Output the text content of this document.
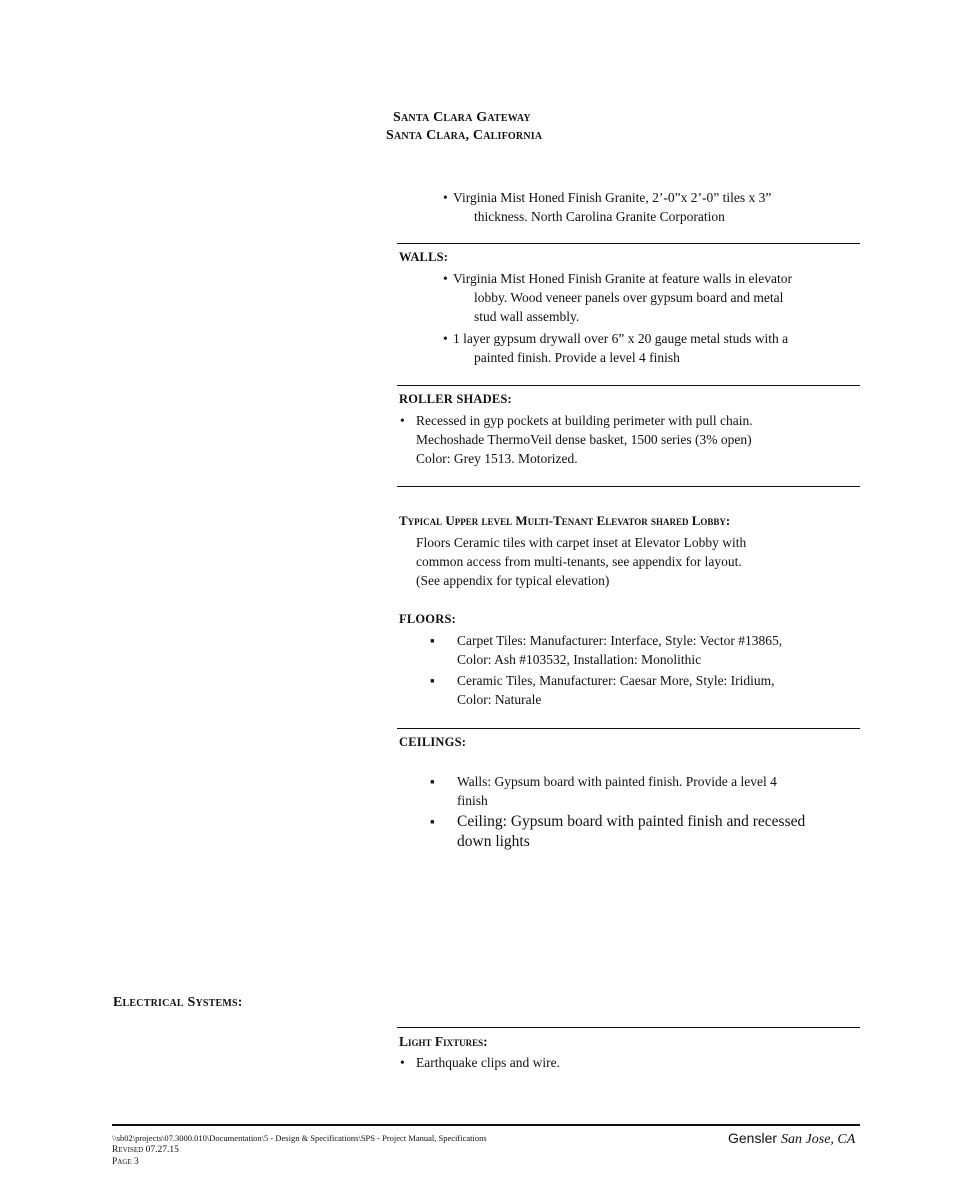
Santa Clara Gateway
Santa Clara, California
• Virginia Mist Honed Finish Granite, 2’-0”x 2’-0” tiles x 3”
thickness. North Carolina Granite Corporation
WALLS:
• Virginia Mist Honed Finish Granite at feature walls in elevator
lobby. Wood veneer panels over gypsum board and metal
stud wall assembly.
• 1 layer gypsum drywall over 6” x 20 gauge metal studs with a
painted finish. Provide a level 4 finish
ROLLER SHADES:
• Recessed in gyp pockets at building perimeter with pull chain.
Mechoshade ThermoVeil dense basket, 1500 series (3% open)
Color: Grey 1513. Motorized.
Typical Upper level Multi-Tenant Elevator shared Lobby:
Floors Ceramic tiles with carpet inset at Elevator Lobby with
common access from multi-tenants, see appendix for layout.
(See appendix for typical elevation)
FLOORS:
▪ Carpet Tiles: Manufacturer: Interface, Style: Vector #13865,
Color: Ash #103532, Installation: Monolithic
▪ Ceramic Tiles, Manufacturer: Caesar More, Style: Iridium,
Color: Naturale
CEILINGS:
▪ Walls: Gypsum board with painted finish. Provide a level 4
finish
▪ Ceiling: Gypsum board with painted finish and recessed
down lights
Electrical Systems:
Light Fixtures:
• Earthquake clips and wire.
\\sb02\projects\07.3000.010\Documentation\5 - Design & Specifications\SPS - Project Manual, Specifications
Revised 07.27.15
Page 3
Gensler San Jose, CA
